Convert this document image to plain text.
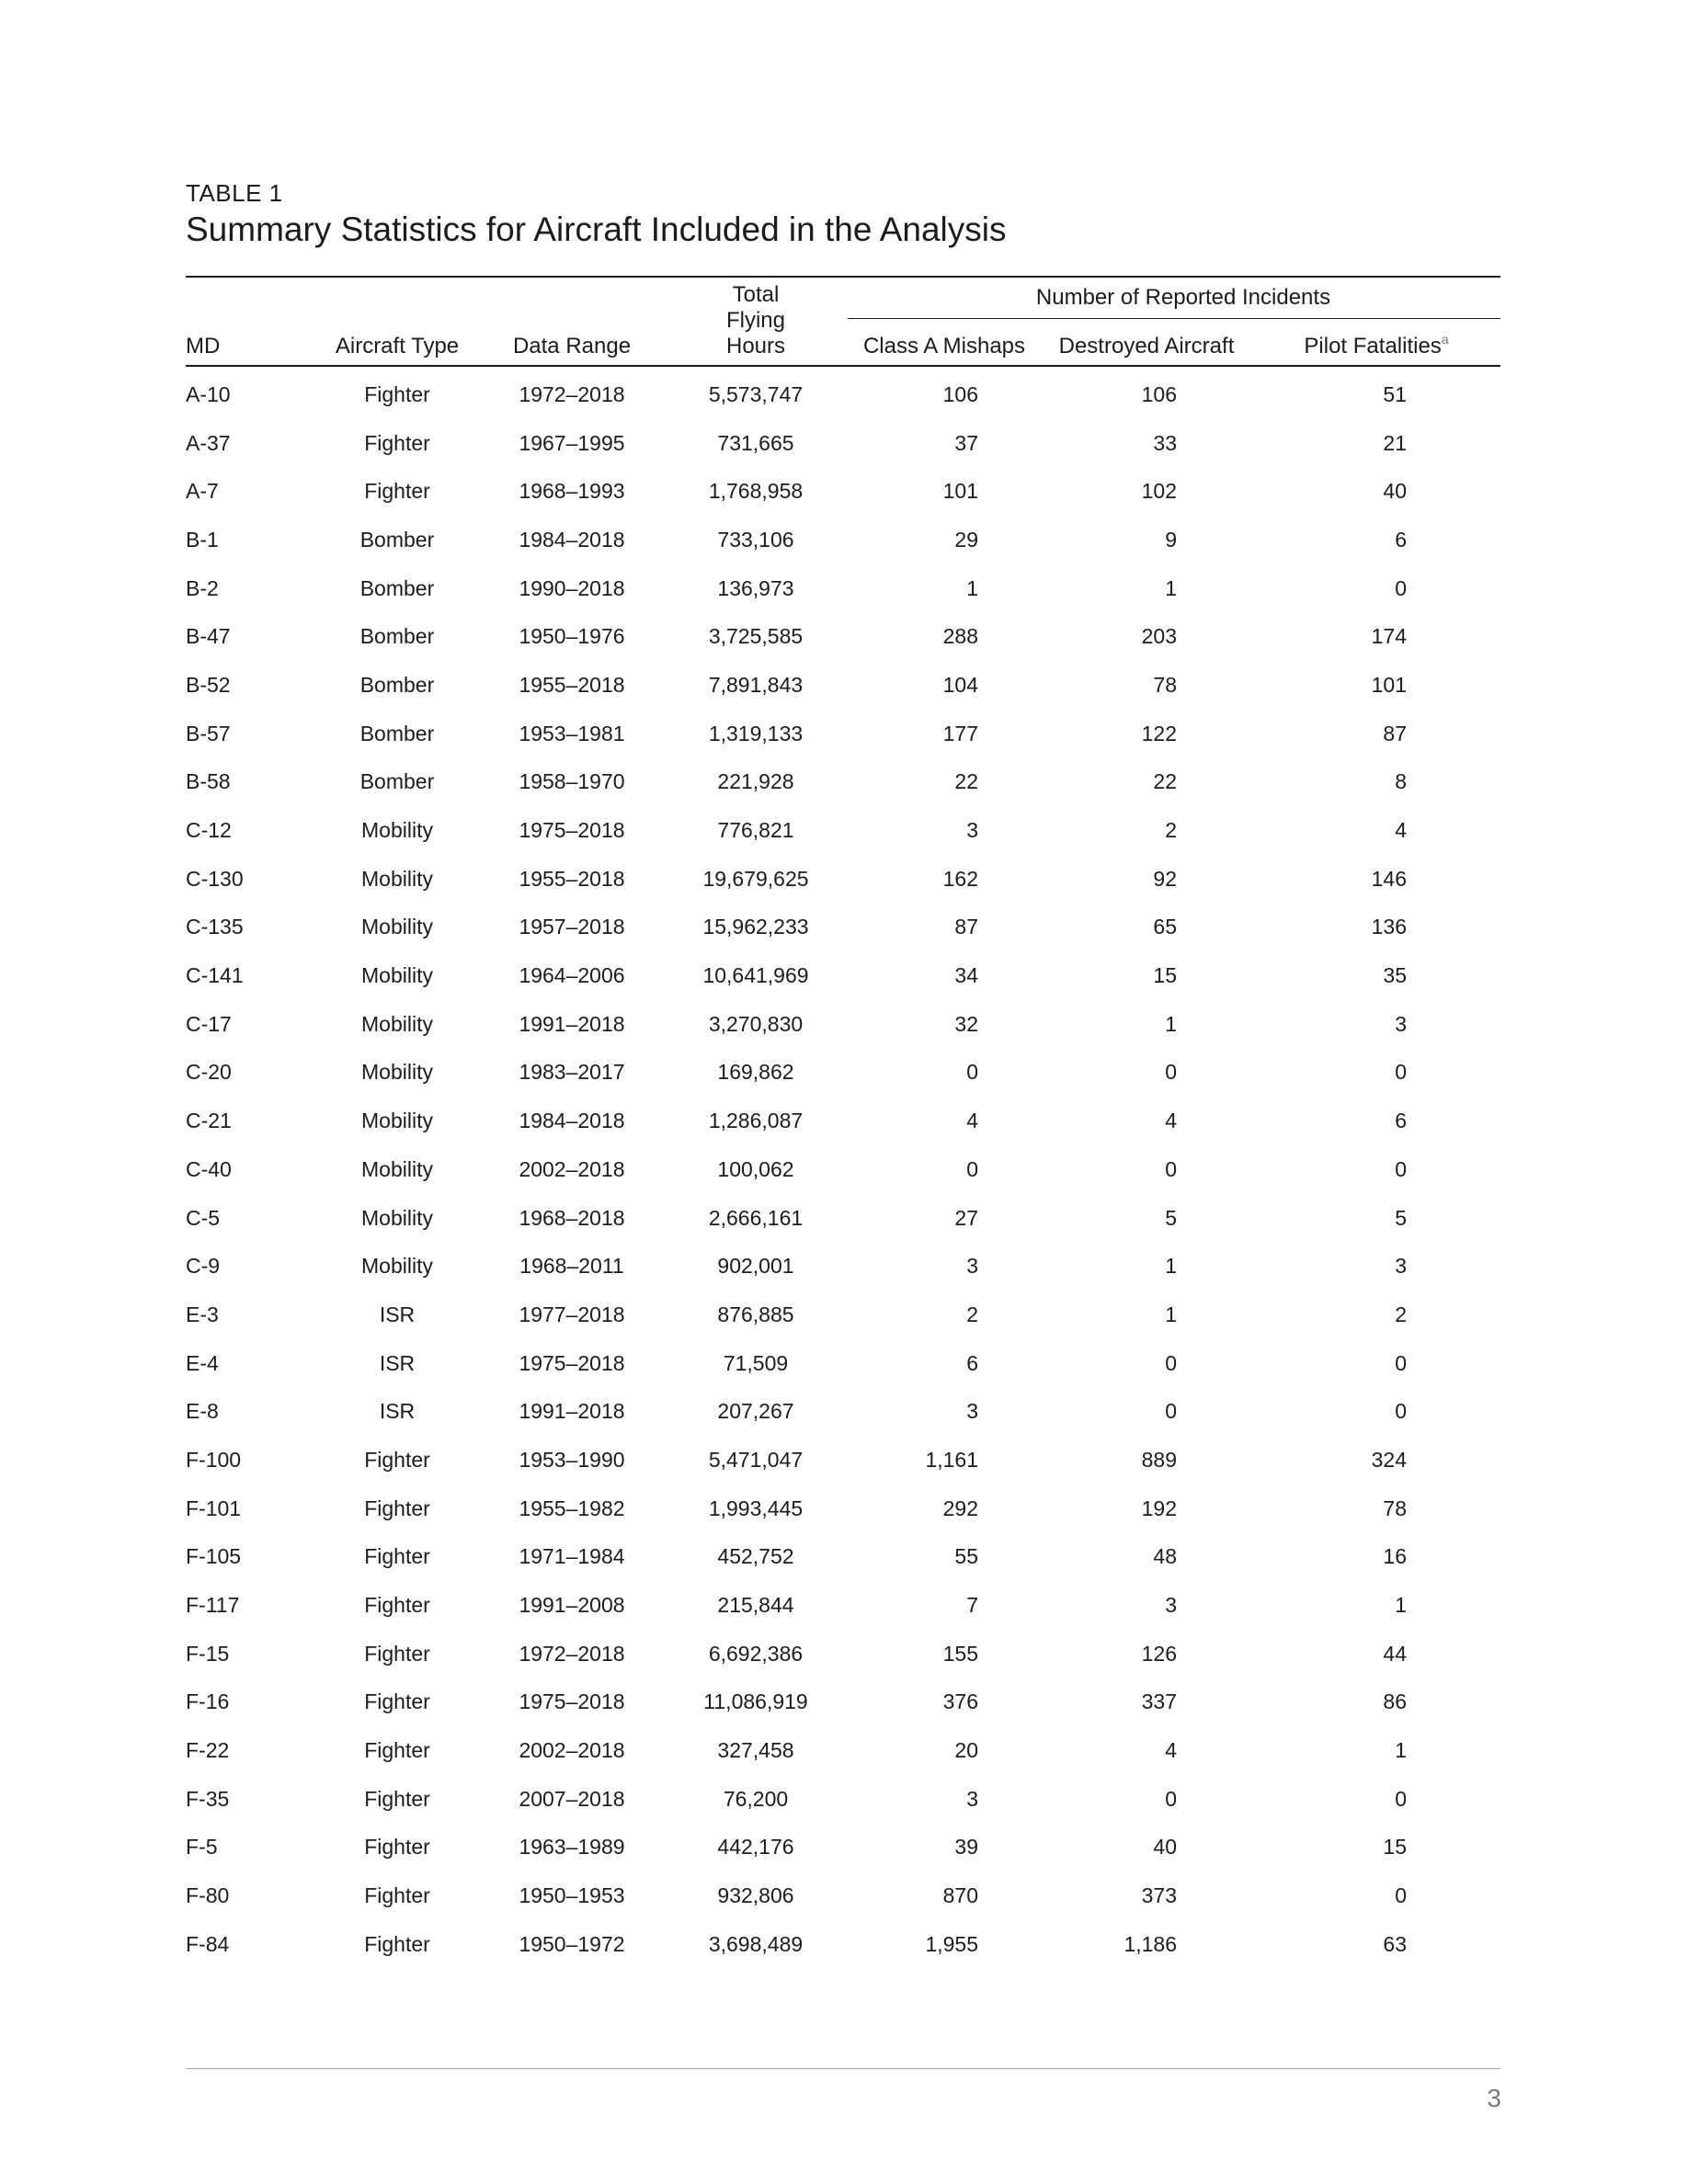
TABLE 1

Summary Statistics for Aircraft Included in the Analysis
MD	Aircraft Type	Data Range	Total Flying Hours	Number of Reported Incidents		
				Class A Mishaps	Destroyed Aircraft	Pilot Fatalities$^a$
A-10	Fighter	1972–2018	5,573,747	106	106	51
A-37	Fighter	1967–1995	731,665	37	33	21
A-7	Fighter	1968–1993	1,768,958	101	102	40
B-1	Bomber	1984–2018	733,106	29	9	6
B-2	Bomber	1990–2018	136,973	1	1	0
B-47	Bomber	1950–1976	3,725,585	288	203	174
B-52	Bomber	1955–2018	7,891,843	104	78	101
B-57	Bomber	1953–1981	1,319,133	177	122	87
B-58	Bomber	1958–1970	221,928	22	22	8
C-12	Mobility	1975–2018	776,821	3	2	4
C-130	Mobility	1955–2018	19,679,625	162	92	146
C-135	Mobility	1957–2018	15,962,233	87	65	136
C-141	Mobility	1964–2006	10,641,969	34	15	35
C-17	Mobility	1991–2018	3,270,830	32	1	3
C-20	Mobility	1983–2017	169,862	0	0	0
C-21	Mobility	1984–2018	1,286,087	4	4	6
C-40	Mobility	2002–2018	100,062	0	0	0
C-5	Mobility	1968–2018	2,666,161	27	5	5
C-9	Mobility	1968–2011	902,001	3	1	3
E-3	ISR	1977–2018	876,885	2	1	2
E-4	ISR	1975–2018	71,509	6	0	0
E-8	ISR	1991–2018	207,267	3	0	0
F-100	Fighter	1953–1990	5,471,047	1,161	889	324
F-101	Fighter	1955–1982	1,993,445	292	192	78
F-105	Fighter	1971–1984	452,752	55	48	16
F-117	Fighter	1991–2008	215,844	7	3	1
F-15	Fighter	1972–2018	6,692,386	155	126	44
F-16	Fighter	1975–2018	11,086,919	376	337	86
F-22	Fighter	2002–2018	327,458	20	4	1
F-35	Fighter	2007–2018	76,200	3	0	0
F-5	Fighter	1963–1989	442,176	39	40	15
F-80	Fighter	1950–1953	932,806	870	373	0
F-84	Fighter	1950–1972	3,698,489	1,955	1,186	63
3
